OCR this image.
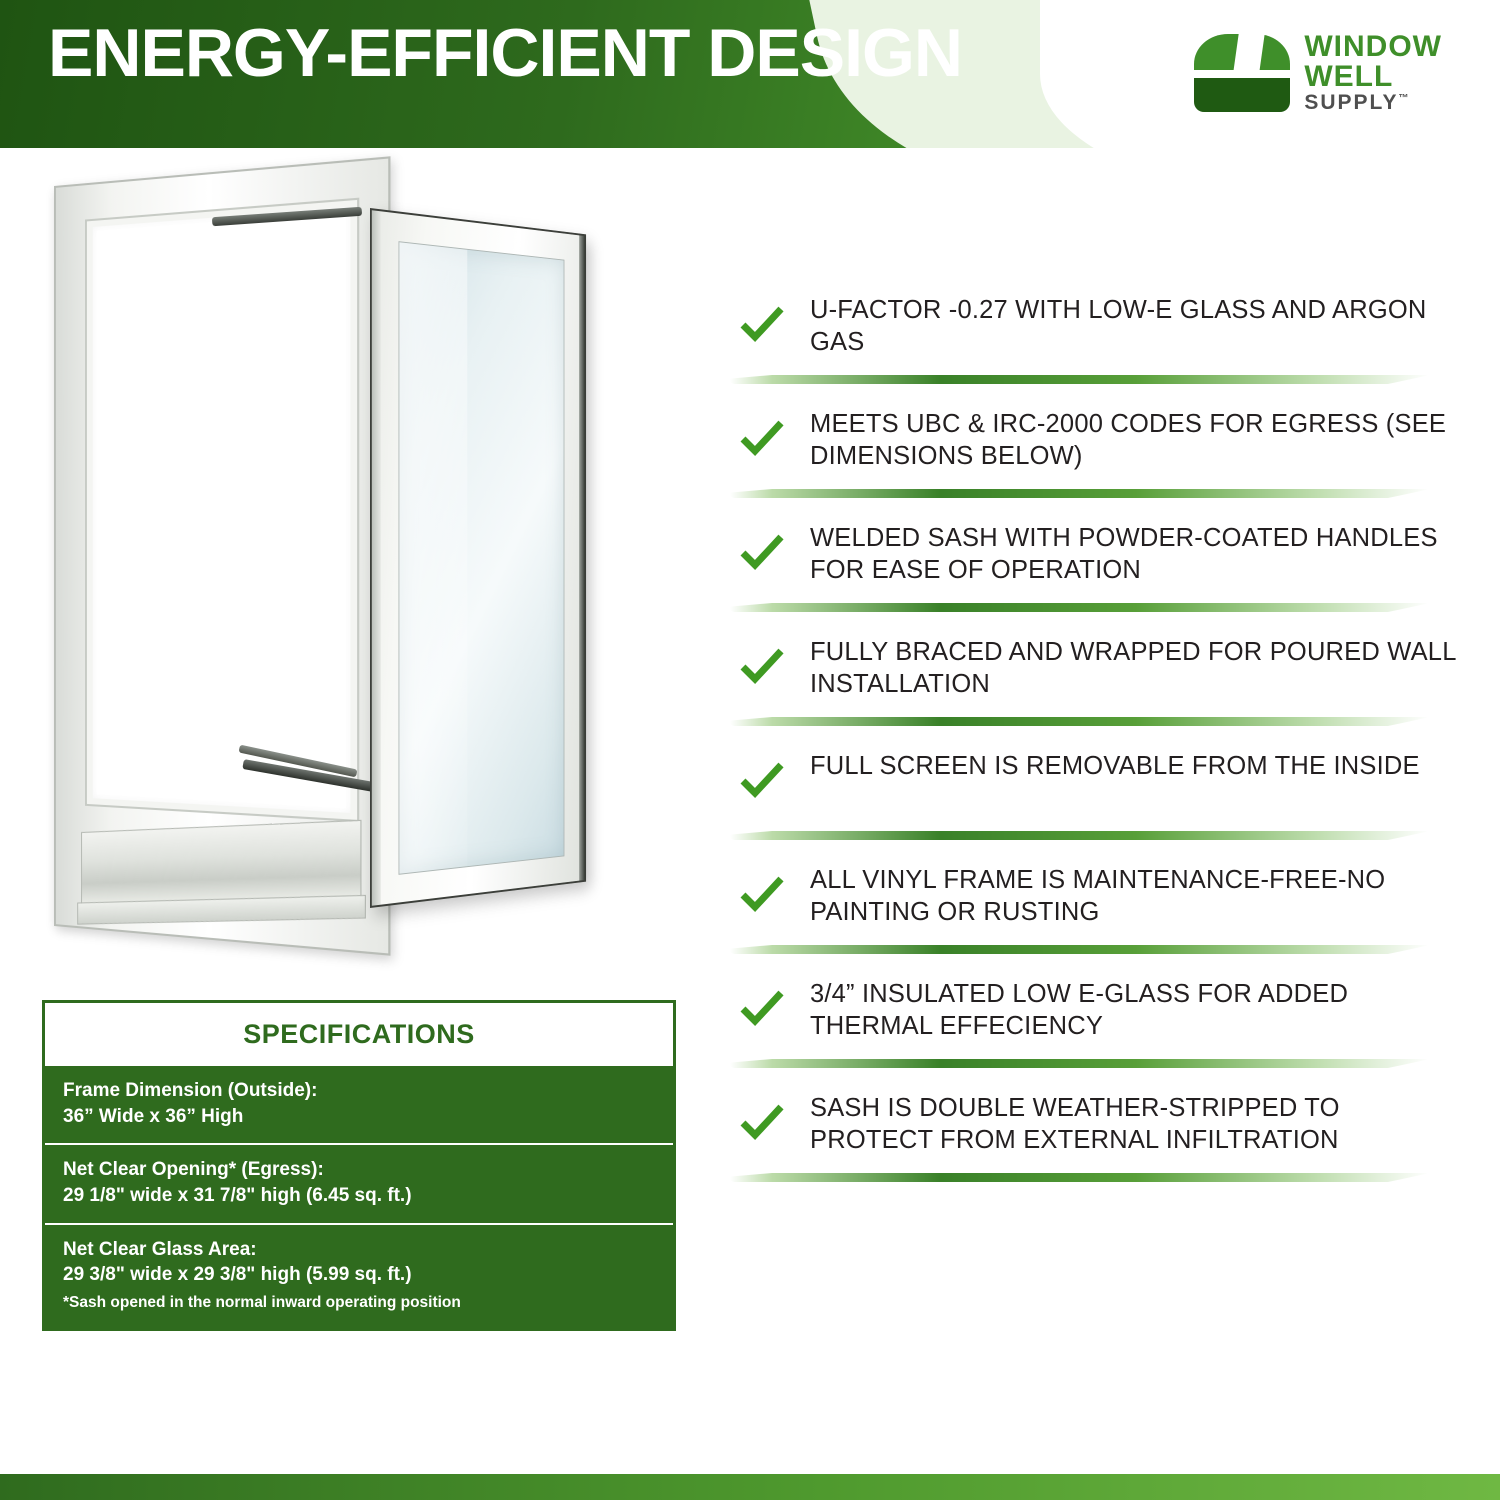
ENERGY-EFFICIENT DESIGN	WINDOW
WELL
SUPPLY™
SPECIFICATIONS
Frame Dimension (Outside):
36” Wide x 36” High
Net Clear Opening* (Egress):
29 1/8" wide x 31 7/8" high (6.45 sq. ft.)
Net Clear Glass Area:
29 3/8" wide x 29 3/8" high (5.99 sq. ft.)
*Sash opened in the normal inward operating position
U-FACTOR -0.27 WITH LOW-E GLASS AND ARGON GAS
MEETS UBC & IRC-2000 CODES FOR EGRESS (SEE DIMENSIONS BELOW)
WELDED SASH WITH POWDER-COATED HANDLES FOR EASE OF OPERATION
FULLY BRACED AND WRAPPED FOR POURED WALL INSTALLATION
FULL SCREEN IS REMOVABLE FROM THE INSIDE
ALL VINYL FRAME IS MAINTENANCE-FREE-NO PAINTING OR RUSTING
3/4” INSULATED LOW E-GLASS FOR ADDED THERMAL EFFECIENCY
SASH IS DOUBLE WEATHER-STRIPPED TO PROTECT FROM EXTERNAL INFILTRATION
